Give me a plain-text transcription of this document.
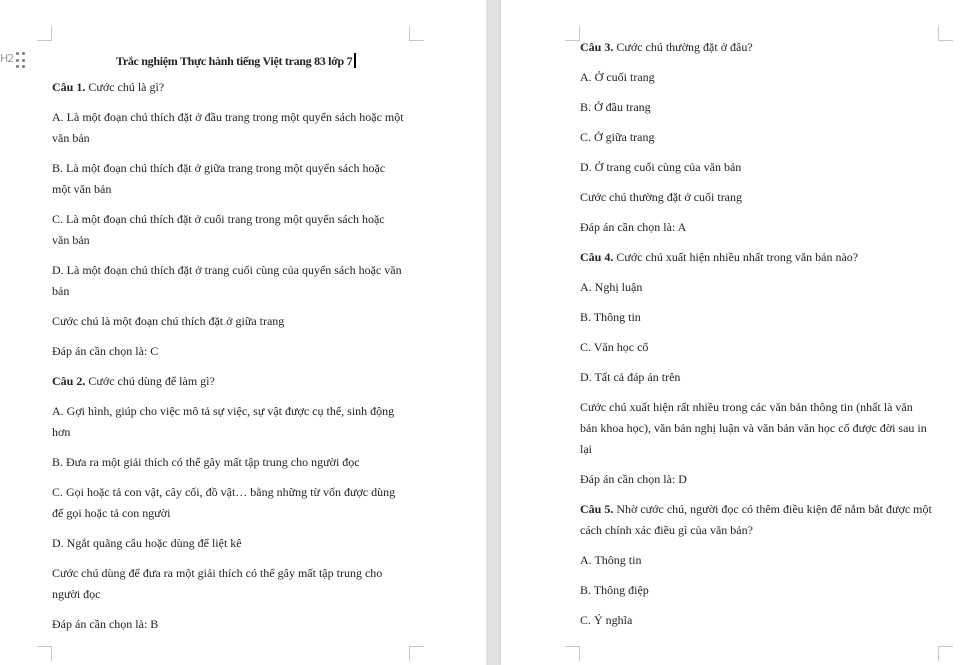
H2	Trắc nghiệm Thực hành tiếng Việt trang 83 lớp 7
Câu 1. Cước chú là gì?
A. Là một đoạn chú thích đặt ở đầu trang trong một quyển sách hoặc một
văn bản
B. Là một đoạn chú thích đặt ở giữa trang trong một quyển sách hoặc
một văn bản
C. Là một đoạn chú thích đặt ở cuối trang trong một quyển sách hoặc
văn bản
D. Là một đoạn chú thích đặt ở trang cuối cùng của quyển sách hoặc văn
bản
Cước chú là một đoạn chú thích đặt ở giữa trang
Đáp án cần chọn là: C
Câu 2. Cước chú dùng để làm gì?
A. Gợi hình, giúp cho việc mô tả sự việc, sự vật được cụ thể, sinh động
hơn
B. Đưa ra một giải thích có thể gây mất tập trung cho người đọc
C. Gọi hoặc tả con vật, cây cối, đồ vật… bằng những từ vốn được dùng
để gọi hoặc tả con người
D. Ngắt quãng câu hoặc dùng để liệt kê
Cước chú dùng để đưa ra một giải thích có thể gây mất tập trung cho
người đọc
Đáp án cần chọn là: B
Câu 3. Cước chú thường đặt ở đâu?
A. Ở cuối trang
B. Ở đầu trang
C. Ở giữa trang
D. Ở trang cuối cùng của văn bản
Cước chú thường đặt ở cuối trang
Đáp án cần chọn là: A
Câu 4. Cước chú xuất hiện nhiều nhất trong văn bản nào?
A. Nghị luận
B. Thông tin
C. Văn học cổ
D. Tất cả đáp án trên
Cước chú xuất hiện rất nhiều trong các văn bản thông tin (nhất là văn
bản khoa học), văn bản nghị luận và văn bản văn học cổ được đời sau in
lại
Đáp án cần chọn là: D
Câu 5. Nhờ cước chú, người đọc có thêm điều kiện để nắm bắt được một
cách chính xác điều gì của văn bản?
A. Thông tin
B. Thông điệp
C. Ý nghĩa
